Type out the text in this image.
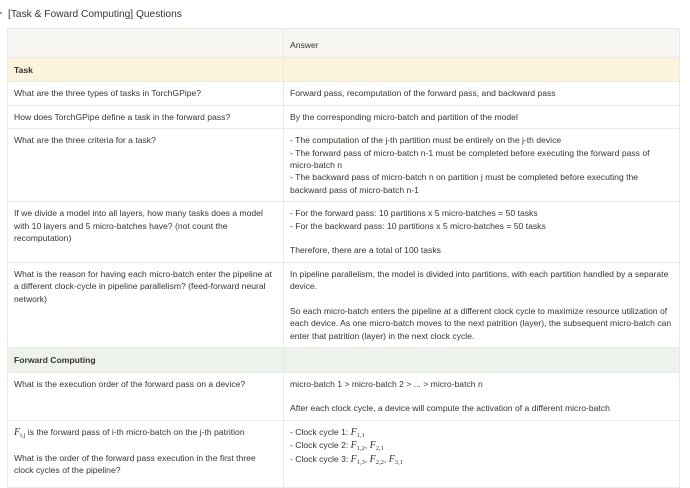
[Task & Foward Computing] Questions
	Answer
Task	

What are the three types of tasks in TorchGPipe?	Forward pass, recomputation of the forward pass, and backward pass

How does TorchGPipe define a task in the forward pass?	By the corresponding micro-batch and partition of the model

What are the three criteria for a task?	- The computation of the j-th partition must be entirely on the j-th device
- The forward pass of micro-batch n-1 must be completed before executing the forward pass of micro-batch n
- The backward pass of micro-batch n on partition j must be completed before executing the backward pass of micro-batch n-1

If we divide a model into all layers, how many tasks does a model with 10 layers and 5 micro-batches have? (not count the recomputation)	- For the forward pass: 10 partitions x 5 micro-batches = 50 tasks
- For the backward pass: 10 partitions x 5 micro-batches = 50 tasks
Therefore, there are a total of 100 tasks

What is the reason for having each micro-batch enter the pipeline at a different clock-cycle in pipeline parallelism? (feed-forward neural network)	In pipeline parallelism, the model is divided into partitions, with each partition handled by a separate device.
So each micro-batch enters the pipeline at a different clock cycle to maximize resource utilization of each device. As one micro-batch moves to the next patrition (layer), the subsequent micro-batch can enter that patrition (layer) in the next clock cycle.

Forward Computing	

What is the execution order of the forward pass on a device?	micro-batch 1 > micro-batch 2 > ... > micro-batch n
After each clock cycle, a device will compute the activation of a different micro-batch

$F_{i,j}$ is the forward pass of i-th micro-batch on the j-th patrition
What is the order of the forward pass execution in the first three clock cycles of the pipeline?	- Clock cycle 1: $F_{1,1}$
- Clock cycle 2: $F_{1,2}$, $F_{2,1}$
- Clock cycle 3: $F_{1,3}$, $F_{2,2}$, $F_{3,1}$
